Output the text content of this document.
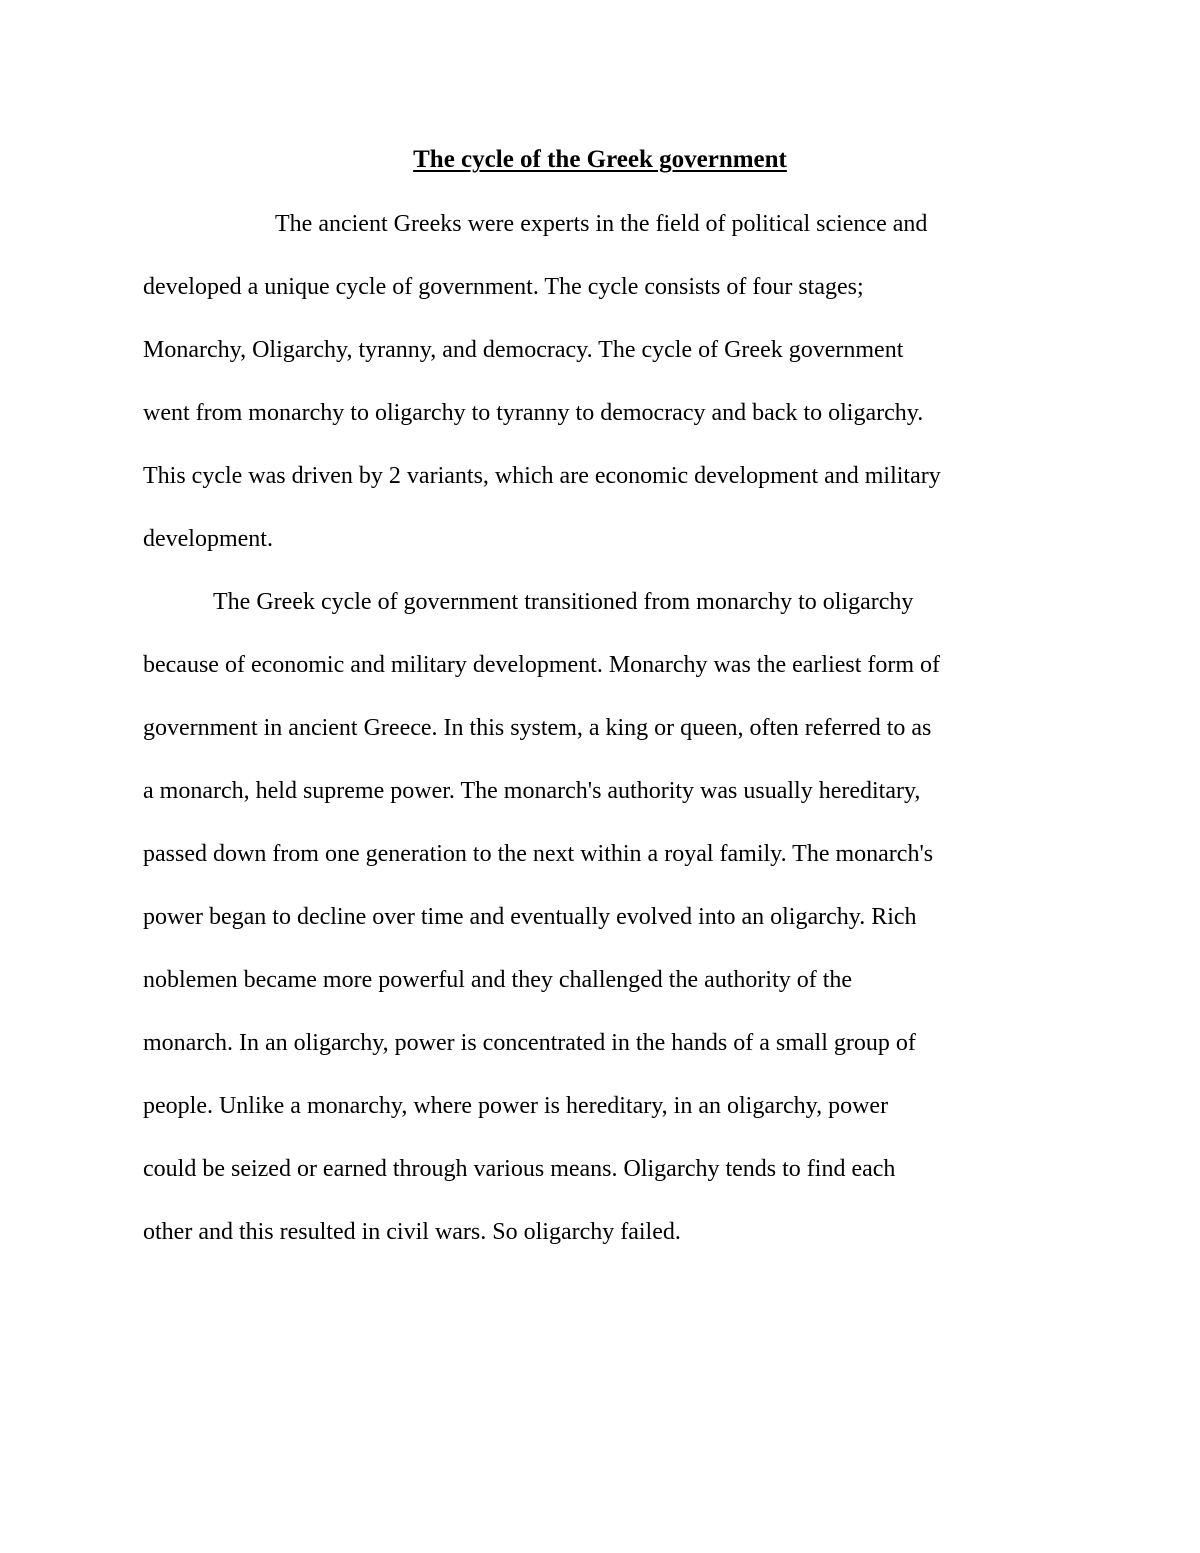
The cycle of the Greek government
The ancient Greeks were experts in the field of political science and
developed a unique cycle of government. The cycle consists of four stages;
Monarchy, Oligarchy, tyranny, and democracy. The cycle of Greek government
went from monarchy to oligarchy to tyranny to democracy and back to oligarchy.
This cycle was driven by 2 variants, which are economic development and military
development.
The Greek cycle of government transitioned from monarchy to oligarchy
because of economic and military development. Monarchy was the earliest form of
government in ancient Greece. In this system, a king or queen, often referred to as
a monarch, held supreme power. The monarch's authority was usually hereditary,
passed down from one generation to the next within a royal family. The monarch's
power began to decline over time and eventually evolved into an oligarchy. Rich
noblemen became more powerful and they challenged the authority of the
monarch. In an oligarchy, power is concentrated in the hands of a small group of
people. Unlike a monarchy, where power is hereditary, in an oligarchy, power
could be seized or earned through various means. Oligarchy tends to find each
other and this resulted in civil wars. So oligarchy failed.
